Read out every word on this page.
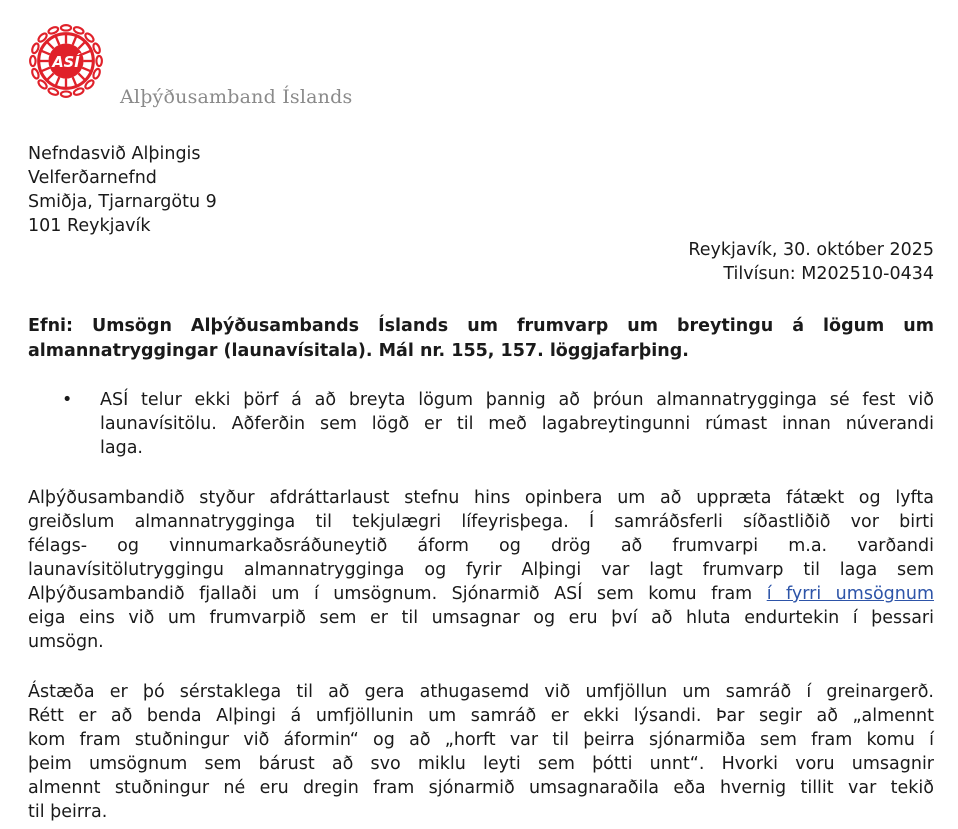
ASÍ
Alþýðusamband Íslands
Nefndasvið Alþingis
Velferðarnefnd
Smiðja, Tjarnargötu 9
101 Reykjavík
Reykjavík, 30. október 2025
Tilvísun: M202510-0434
Efni: Umsögn Alþýðusambands Íslands um frumvarp um breytingu á lögum um
almannatryggingar (launavísitala). Mál nr. 155, 157. löggjafarþing.
•	ASÍ telur ekki þörf á að breyta lögum þannig að þróun almannatrygginga sé fest við
launavísitölu. Aðferðin sem lögð er til með lagabreytingunni rúmast innan núverandi
laga.
Alþýðusambandið styður afdráttarlaust stefnu hins opinbera um að uppræta fátækt og lyfta
greiðslum almannatrygginga til tekjulægri lífeyrisþega. Í samráðsferli síðastliðið vor birti
félags- og vinnumarkaðsráðuneytið áform og drög að frumvarpi m.a. varðandi
launavísitölutryggingu almannatrygginga og fyrir Alþingi var lagt frumvarp til laga sem
Alþýðusambandið fjallaði um í umsögnum. Sjónarmið ASÍ sem komu fram í fyrri umsögnum
eiga eins við um frumvarpið sem er til umsagnar og eru því að hluta endurtekin í þessari
umsögn.
Ástæða er þó sérstaklega til að gera athugasemd við umfjöllun um samráð í greinargerð.
Rétt er að benda Alþingi á umfjöllunin um samráð er ekki lýsandi. Þar segir að „almennt
kom fram stuðningur við áformin“ og að „horft var til þeirra sjónarmiða sem fram komu í
þeim umsögnum sem bárust að svo miklu leyti sem þótti unnt“. Hvorki voru umsagnir
almennt stuðningur né eru dregin fram sjónarmið umsagnaraðila eða hvernig tillit var tekið
til þeirra.
